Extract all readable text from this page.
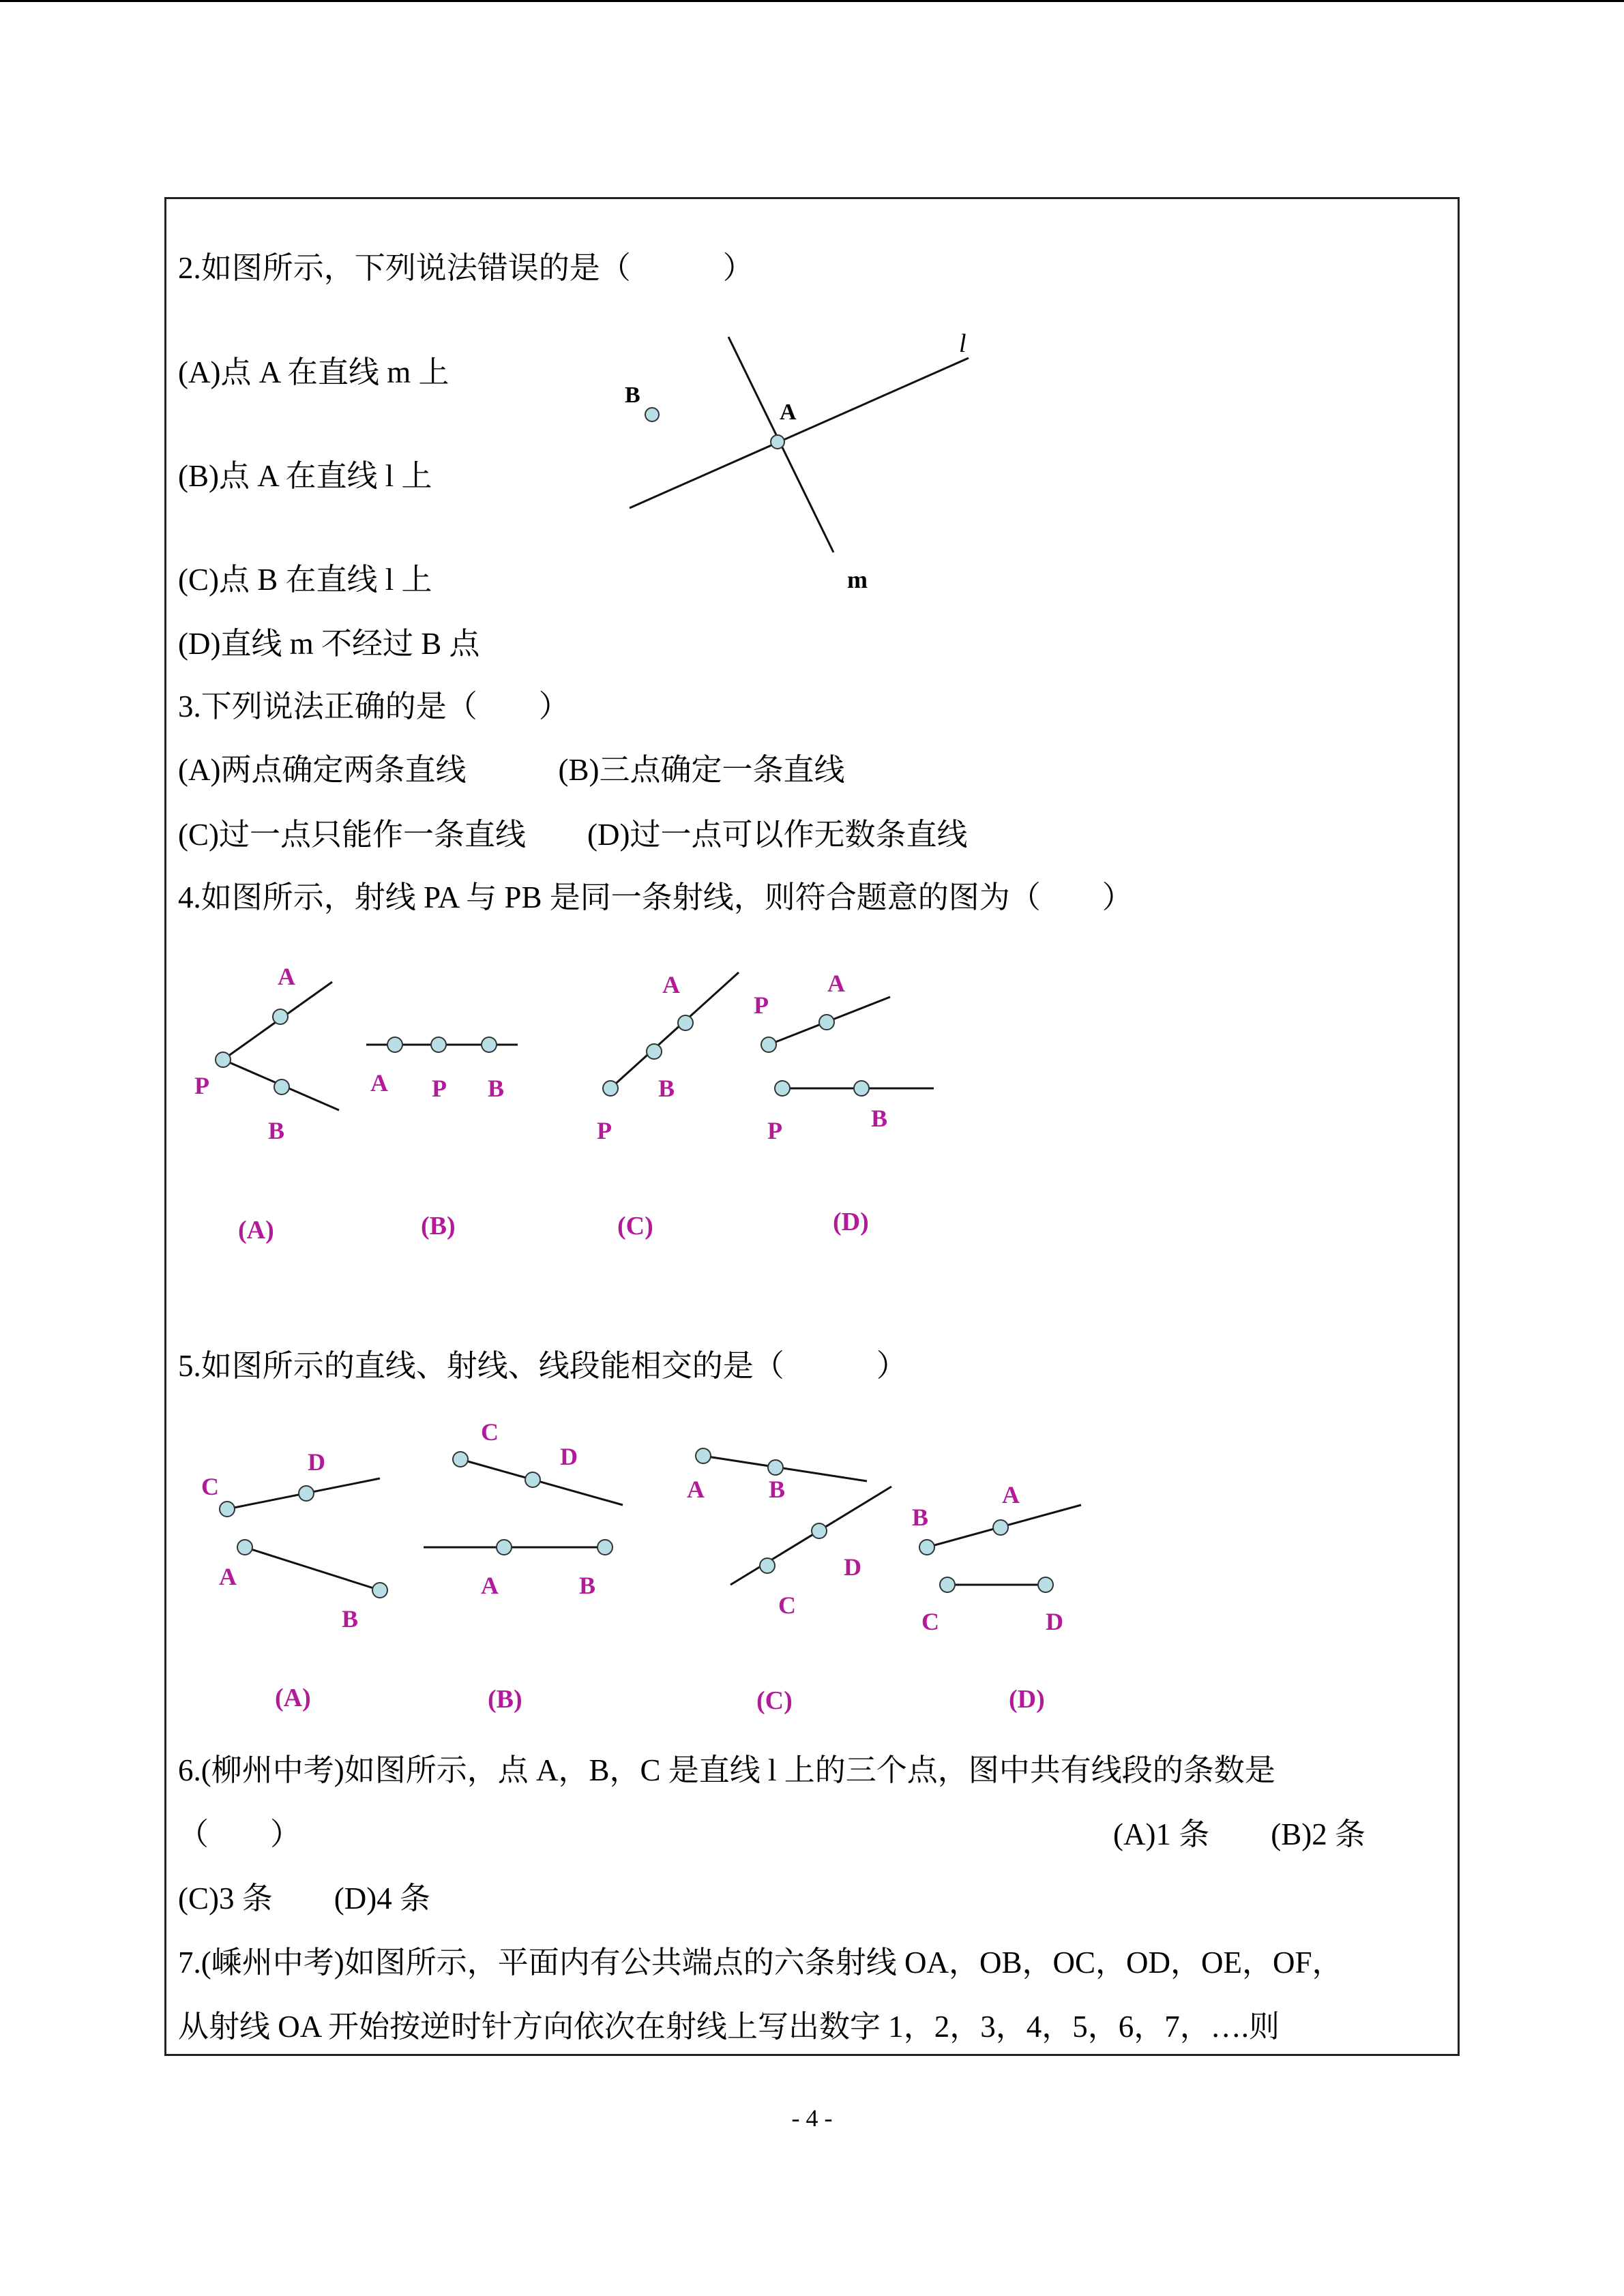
2.如图所示，下列说法错误的是（　　　）
(A)点 A 在直线 m 上
(B)点 A 在直线 l 上
(C)点 B 在直线 l 上
(D)直线 m 不经过 B 点
B
A
l
m
3.下列说法正确的是（　　）
(A)两点确定两条直线　　　(B)三点确定一条直线
(C)过一点只能作一条直线　　(D)过一点可以作无数条直线
4.如图所示，射线 PA 与 PB 是同一条射线，则符合题意的图为（　　）
A
P
B
A P B
A
B
P
P
A
P	B
(A)	(B)	(C)	(D)
5.如图所示的直线、射线、线段能相交的是（　　　）
C
D
A
B
C
D
A	B
A	B
D
C
B
A
C	D
(A)	(B)	(C)	(D)
6.(柳州中考)如图所示，点 A，B，C 是直线 l 上的三个点，图中共有线段的条数是
（　　）	(A)1 条　　(B)2 条
(C)3 条　　(D)4 条
7.(嵊州中考)如图所示，平面内有公共端点的六条射线 OA，OB，OC，OD，OE，OF，
从射线 OA 开始按逆时针方向依次在射线上写出数字 1，2，3，4，5，6，7，….则
- 4 -
